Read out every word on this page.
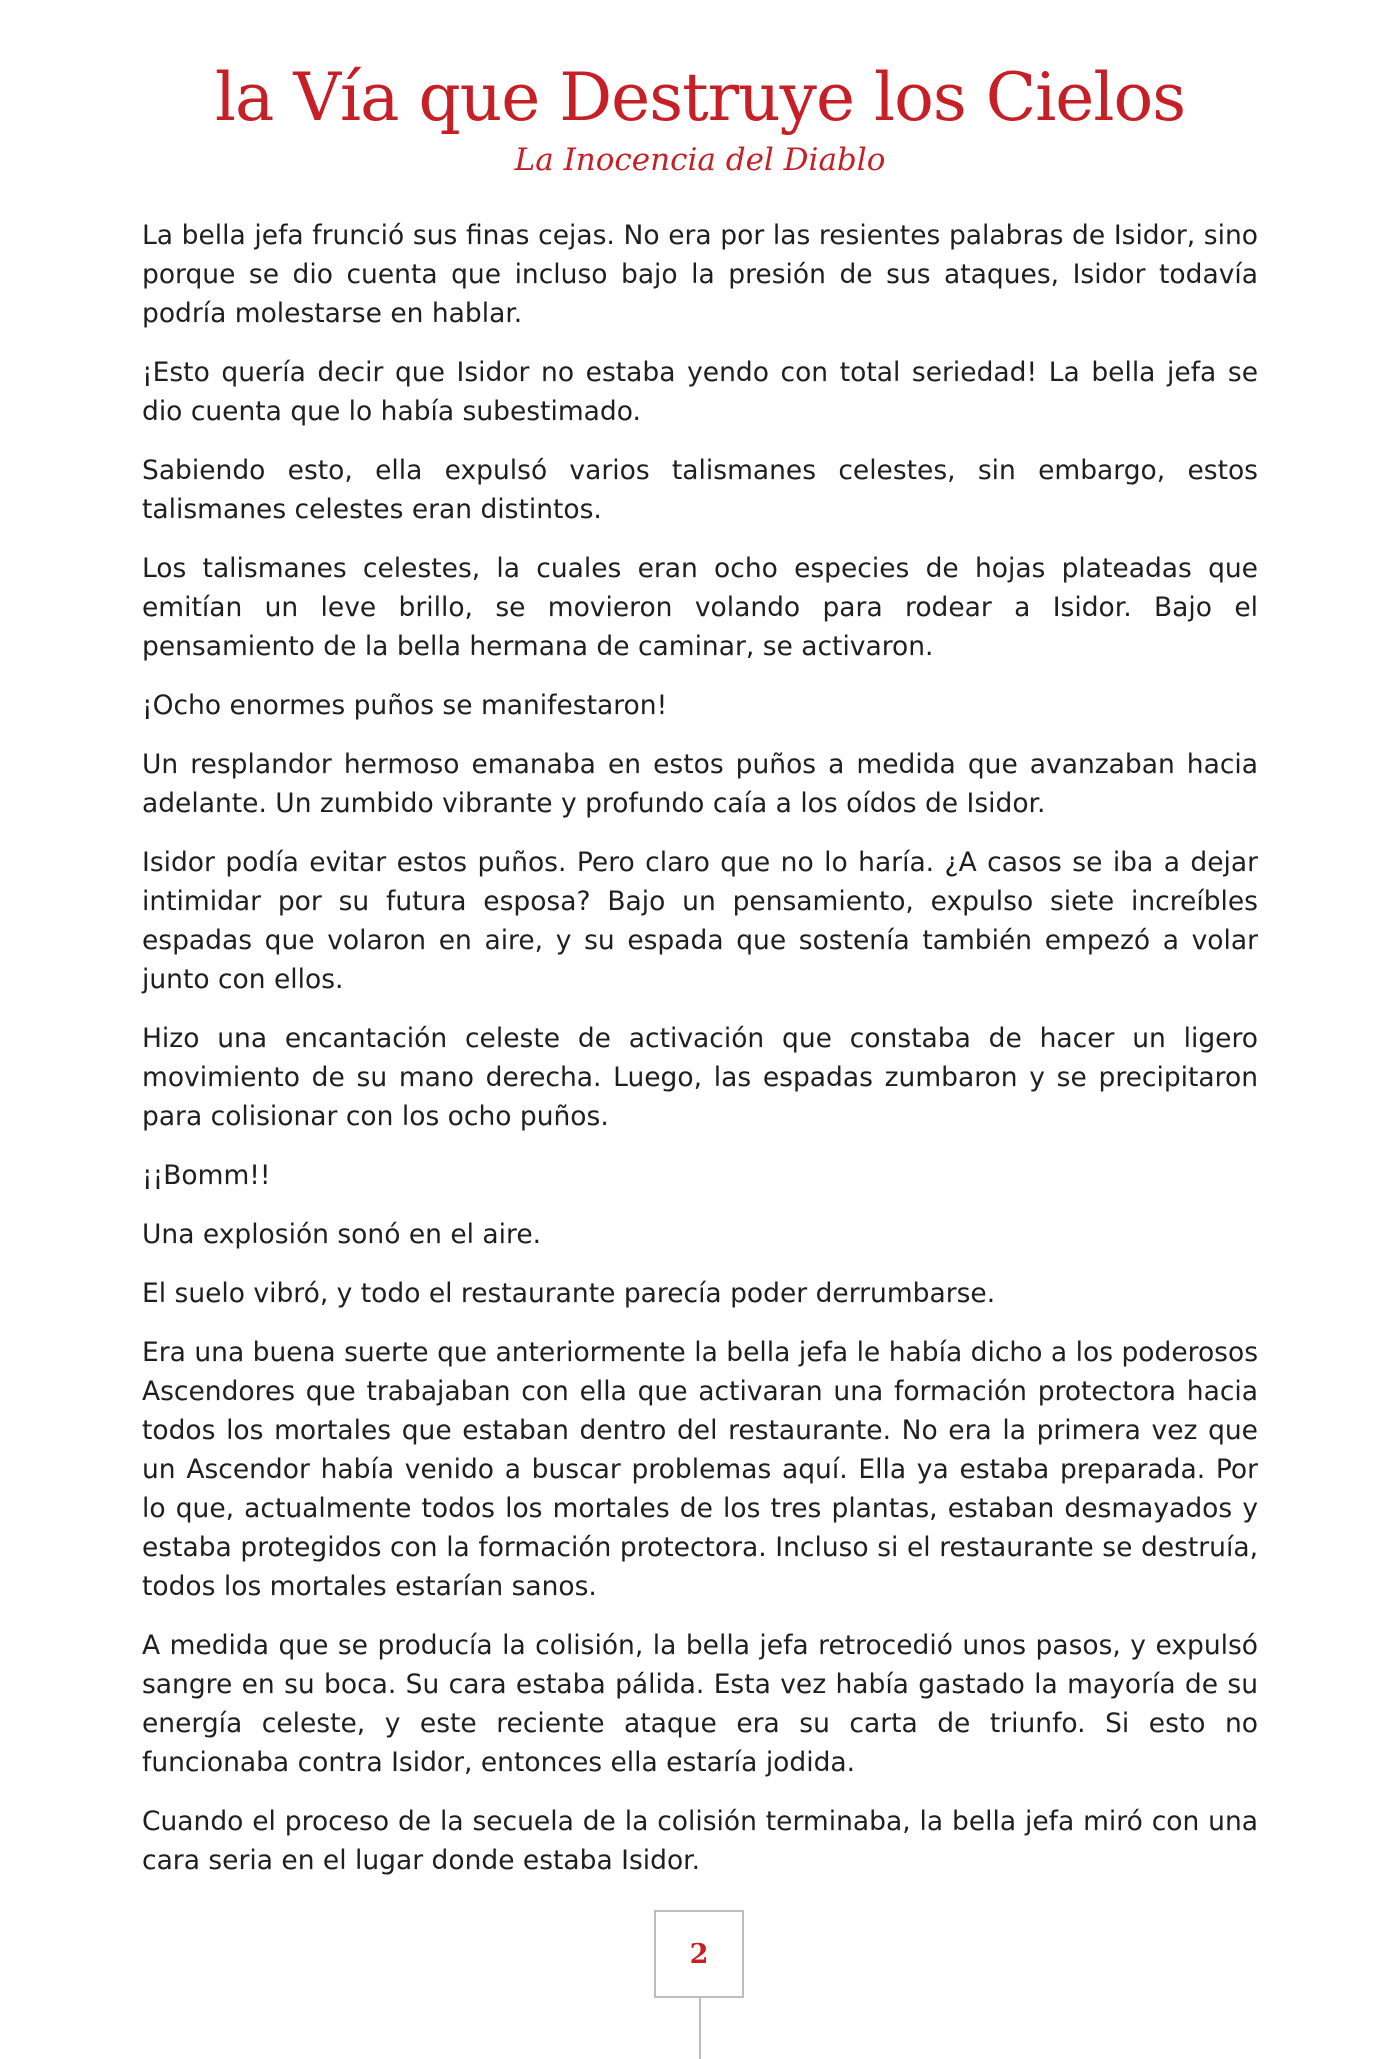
la Vía que Destruye los Cielos
La Inocencia del Diablo

La bella jefa frunció sus finas cejas. No era por las resientes palabras de Isidor, sino porque se dio cuenta que incluso bajo la presión de sus ataques, Isidor todavía podría molestarse en hablar.

¡Esto quería decir que Isidor no estaba yendo con total seriedad! La bella jefa se dio cuenta que lo había subestimado.

Sabiendo esto, ella expulsó varios talismanes celestes, sin embargo, estos talismanes celestes eran distintos.

Los talismanes celestes, la cuales eran ocho especies de hojas plateadas que emitían un leve brillo, se movieron volando para rodear a Isidor. Bajo el pensamiento de la bella hermana de caminar, se activaron.

¡Ocho enormes puños se manifestaron!

Un resplandor hermoso emanaba en estos puños a medida que avanzaban hacia adelante. Un zumbido vibrante y profundo caía a los oídos de Isidor.

Isidor podía evitar estos puños. Pero claro que no lo haría. ¿A casos se iba a dejar intimidar por su futura esposa? Bajo un pensamiento, expulso siete increíbles espadas que volaron en aire, y su espada que sostenía también empezó a volar junto con ellos.

Hizo una encantación celeste de activación que constaba de hacer un ligero movimiento de su mano derecha. Luego, las espadas zumbaron y se precipitaron para colisionar con los ocho puños.

¡¡Bomm!!

Una explosión sonó en el aire.

El suelo vibró, y todo el restaurante parecía poder derrumbarse.

Era una buena suerte que anteriormente la bella jefa le había dicho a los poderosos Ascendores que trabajaban con ella que activaran una formación protectora hacia todos los mortales que estaban dentro del restaurante. No era la primera vez que un Ascendor había venido a buscar problemas aquí. Ella ya estaba preparada. Por lo que, actualmente todos los mortales de los tres plantas, estaban desmayados y estaba protegidos con la formación protectora. Incluso si el restaurante se destruía, todos los mortales estarían sanos.

A medida que se producía la colisión, la bella jefa retrocedió unos pasos, y expulsó sangre en su boca. Su cara estaba pálida. Esta vez había gastado la mayoría de su energía celeste, y este reciente ataque era su carta de triunfo. Si esto no funcionaba contra Isidor, entonces ella estaría jodida.

Cuando el proceso de la secuela de la colisión terminaba, la bella jefa miró con una cara seria en el lugar donde estaba Isidor.

2
